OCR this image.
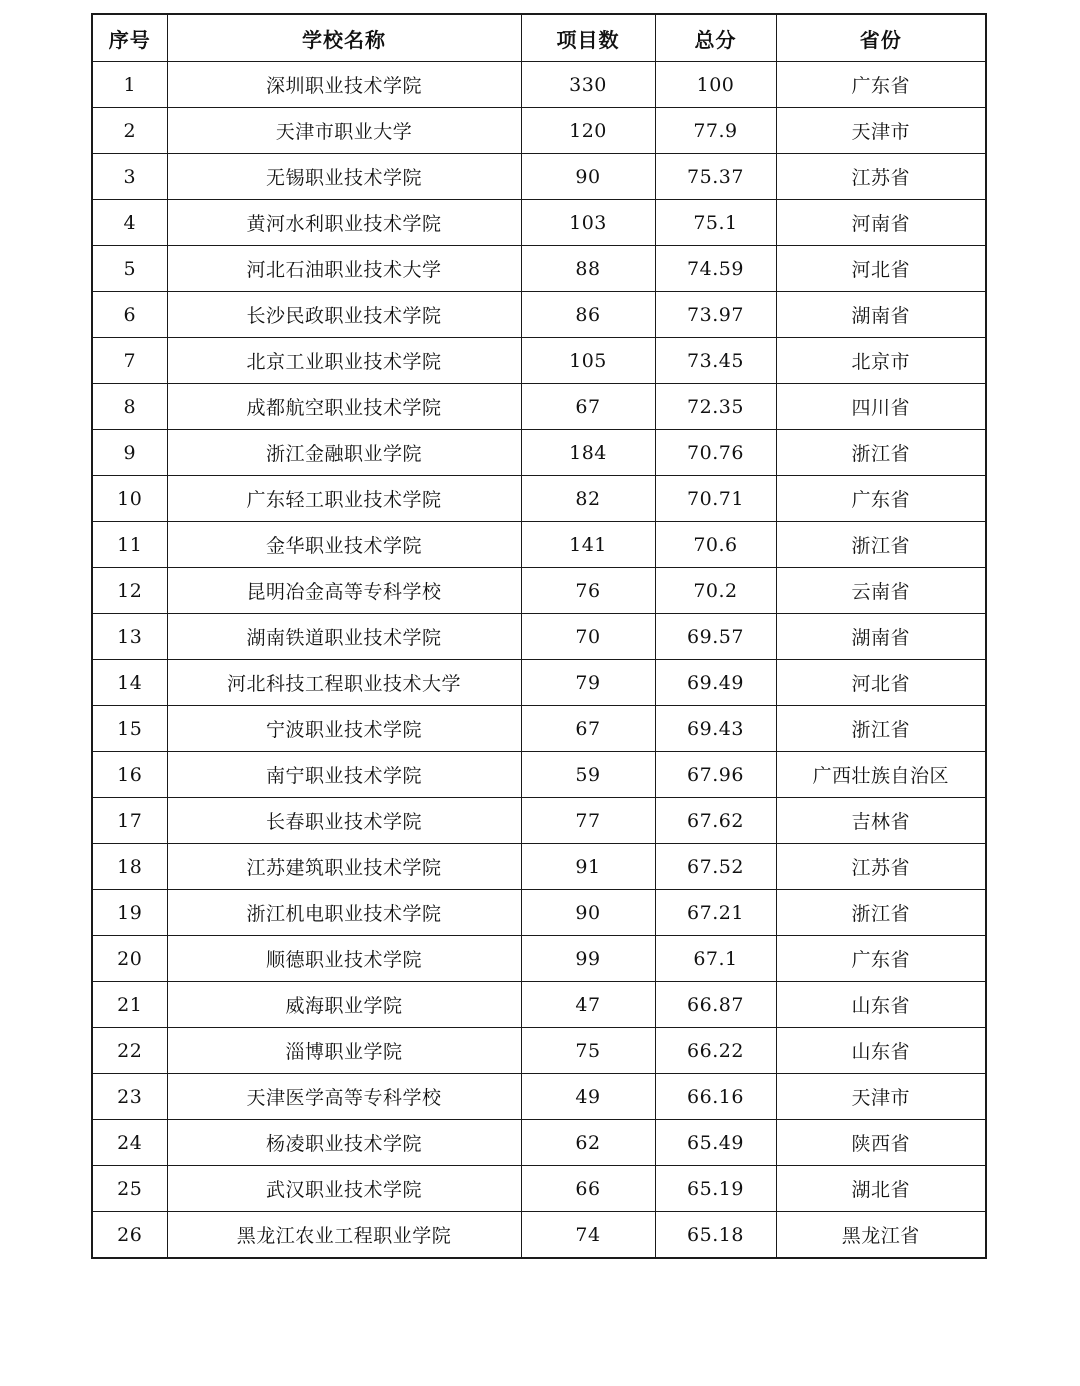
序号	学校名称	项目数	总分	省份
1	深圳职业技术学院	330	100	广东省
2	天津市职业大学	120	77.9	天津市
3	无锡职业技术学院	90	75.37	江苏省
4	黄河水利职业技术学院	103	75.1	河南省
5	河北石油职业技术大学	88	74.59	河北省
6	长沙民政职业技术学院	86	73.97	湖南省
7	北京工业职业技术学院	105	73.45	北京市
8	成都航空职业技术学院	67	72.35	四川省
9	浙江金融职业学院	184	70.76	浙江省
10	广东轻工职业技术学院	82	70.71	广东省
11	金华职业技术学院	141	70.6	浙江省
12	昆明冶金高等专科学校	76	70.2	云南省
13	湖南铁道职业技术学院	70	69.57	湖南省
14	河北科技工程职业技术大学	79	69.49	河北省
15	宁波职业技术学院	67	69.43	浙江省
16	南宁职业技术学院	59	67.96	广西壮族自治区
17	长春职业技术学院	77	67.62	吉林省
18	江苏建筑职业技术学院	91	67.52	江苏省
19	浙江机电职业技术学院	90	67.21	浙江省
20	顺德职业技术学院	99	67.1	广东省
21	威海职业学院	47	66.87	山东省
22	淄博职业学院	75	66.22	山东省
23	天津医学高等专科学校	49	66.16	天津市
24	杨凌职业技术学院	62	65.49	陕西省
25	武汉职业技术学院	66	65.19	湖北省
26	黑龙江农业工程职业学院	74	65.18	黑龙江省
